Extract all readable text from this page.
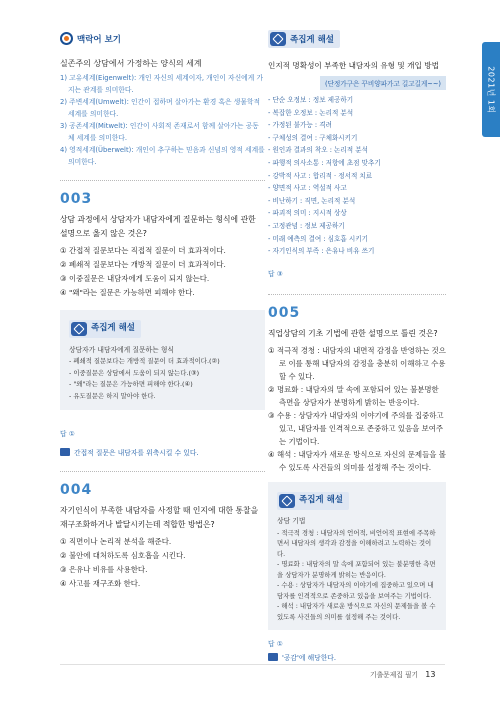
2021년 1회
맥락어 보기
실존주의 상담에서 가정하는 양식의 세계
1) 고유세계(Eigenwelt): 개인 자신의 세계이자, 개인이 자신에게 가지는 관계를 의미한다.
2) 주변세계(Umwelt): 인간이 접하며 살아가는 환경 혹은 생물학적 세계를 의미한다.
3) 공존세계(Mitwelt): 인간이 사회적 존재로서 함께 살아가는 공동체 세계를 의미한다.
4) 영적세계(Überwelt): 개인이 추구하는 믿음과 신념의 영적 세계를 의미한다.
003
상담 과정에서 상담자가 내담자에게 질문하는 형식에 관한 설명으로 옳지 않은 것은?
① 간접적 질문보다는 직접적 질문이 더 효과적이다.
② 폐쇄적 질문보다는 개방적 질문이 더 효과적이다.
③ 이중질문은 내담자에게 도움이 되지 않는다.
④ "왜"라는 질문은 가능하면 피해야 한다.
족집게 해설
상담자가 내담자에게 질문하는 형식
- 폐쇄적 질문보다는 개방적 질문이 더 효과적이다.(②)
- 이중질문은 상담에서 도움이 되지 않는다.(③)
- "왜"라는 질문은 가능하면 피해야 한다.(④)
- 유도질문은 하지 말아야 한다.
답 ①
간접적 질문은 내담자를 위축시킬 수 있다.
004
자기인식이 부족한 내담자를 사정할 때 인지에 대한 통찰을 재구조화하거나 발달시키는데 적합한 방법은?
① 직면이나 논리적 분석을 해준다.
② 불안에 대처하도록 심호흡을 시킨다.
③ 은유나 비유를 사용한다.
④ 사고를 재구조화 한다.
족집게 해설
인지적 명확성이 부족한 내담자의 유형 및 개입 방법
(단정가구은 꾸비양파가고 길고길게~~)
- 단순 오정보 : 정보 제공하기
- 복잡한 오정보 : 논리적 분석
- 가정된 불가능 : 격려
- 구체성의 결여 : 구체화시키기
- 원인과 결과의 착오 : 논리적 분석
- 파행적 의사소통 : 저항에 초점 맞추기
- 강박적 사고 : 합리적 · 정서적 치료
- 양면적 사고 : 역설적 사고
- 비난하기 : 직면, 논리적 분석
- 파괴적 의미 : 지시적 상상
- 고정관념 : 정보 제공하기
- 미래 예측의 결여 : 심호흡 시키기
- 자기인식의 부족 : 은유나 비유 쓰기
답 ③
005
직업상담의 기초 기법에 관한 설명으로 틀린 것은?
① 적극적 경청 : 내담자의 내면적 감정을 반영하는 것으로 이를 통해 내담자의 감정을 충분히 이해하고 수용할 수 있다.
② 명료화 : 내담자의 말 속에 포함되어 있는 불분명한 측면을 상담자가 분명하게 밝히는 반응이다.
③ 수용 : 상담자가 내담자의 이야기에 주의를 집중하고 있고, 내담자를 인격적으로 존중하고 있음을 보여주는 기법이다.
④ 해석 : 내담자가 새로운 방식으로 자신의 문제들을 볼 수 있도록 사건들의 의미를 설정해 주는 것이다.
족집게 해설
상담 기법
- 적극적 경청 : 내담자의 언어적, 비언어적 표현에 주목하면서 내담자의 생각과 감정을 이해하려고 노력하는 것이다.
- 명료화 : 내담자의 말 속에 포함되어 있는 불분명한 측면을 상담자가 분명하게 밝히는 반응이다.
- 수용 : 상담자가 내담자의 이야기에 집중하고 있으며 내담자를 인격적으로 존중하고 있음을 보여주는 기법이다.
- 해석 : 내담자가 새로운 방식으로 자신의 문제들을 볼 수 있도록 사건들의 의미를 설정해 주는 것이다.
답 ①
'공감'에 해당한다.
기출문제집 필기 13
